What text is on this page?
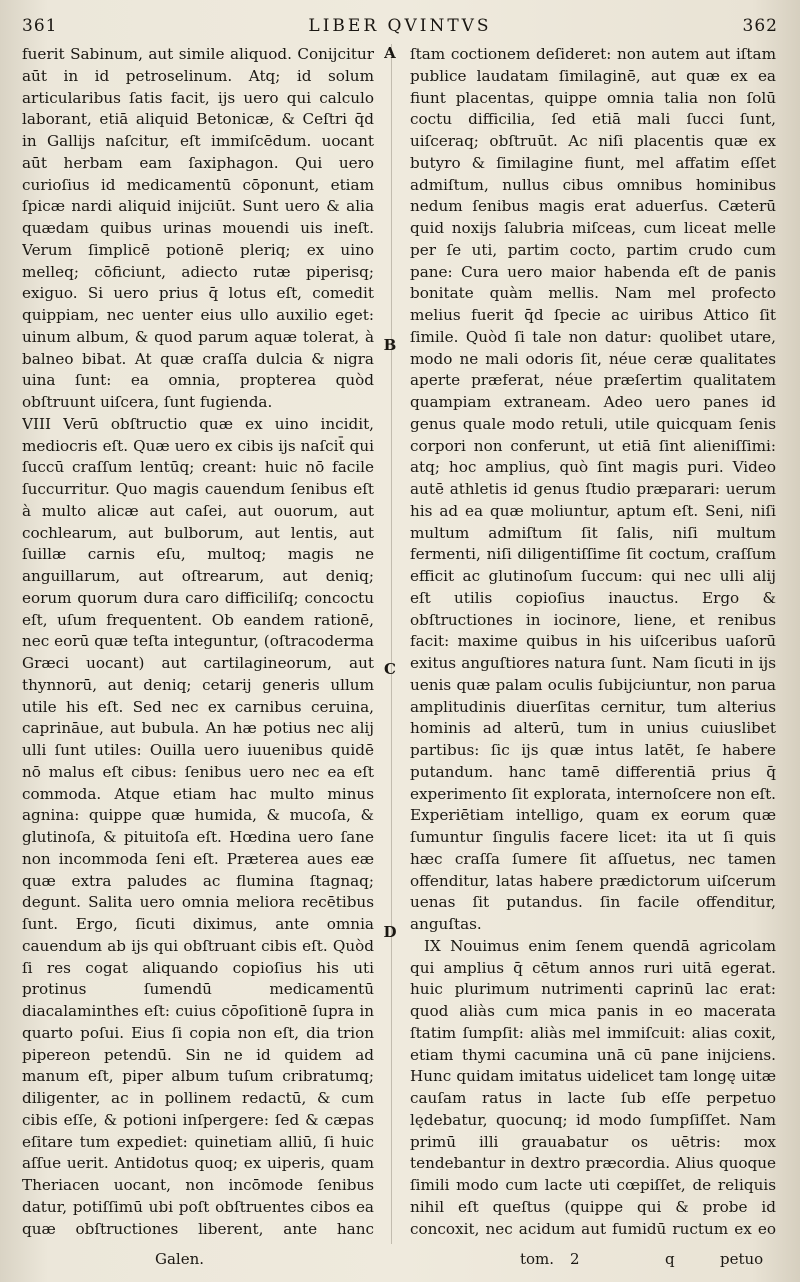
361	LIBER QVINTVS	362

fuerit Sabinum, aut simile aliquod. Conijcitur aūt in id petroselinum. Atq; id solum articularibus ſatis facit, ijs uero qui calculo laborant, etiā aliquid Betonicæ, & Ceſtri q̄d in Gallijs naſcitur, eſt immiſcēdum. uocant aūt herbam eam ſaxiphagon. Qui uero curioſius id medicamentū cōponunt, etiam ſpicæ nardi aliquid inijciūt. Sunt uero & alia quædam quibus urinas mouendi uis ineſt. Verum ſimplicē potionē pleriq; ex uino melleq; cōficiunt, adiecto rutæ piperisq; exiguo. Si uero prius q̄ lotus eſt, comedit quippiam, nec uenter eius ullo auxilio eget: uinum album, & quod parum aquæ tolerat, à balneo bibat. At quæ craſſa dulcia & nigra uina ſunt: ea omnia, propterea quòd obſtruunt uiſcera, ſunt fugienda.

VIII Verū obſtructio quæ ex uino incidit, mediocris eſt. Quæ uero ex cibis ijs naſcit̄ qui ſuccū craſſum lentūq; creant: huic nō facile ſuccurritur. Quo magis cauendum ſenibus eſt à multo alicæ aut caſei, aut ouorum, aut cochlearum, aut bulborum, aut lentis, aut ſuillæ carnis eſu, multoq; magis ne anguillarum, aut oſtrearum, aut deniq; eorum quorum dura caro difficiliſq; concoctu eſt, uſum frequentent. Ob eandem rationē, nec eorū quæ teſta integuntur, (oſtracoderma Græci uocant) aut cartilagineorum, aut thynnorū, aut deniq; cetarij generis ullum utile his eſt. Sed nec ex carnibus ceruina, caprināue, aut bubula. An hæ potius nec alij ulli ſunt utiles: Ouilla uero iuuenibus quidē nō malus eſt cibus: ſenibus uero nec ea eſt commoda. Atque etiam hac multo minus agnina: quippe quæ humida, & mucoſa, & glutinoſa, & pituitoſa eſt. Hœdina uero ſane non incommoda ſeni eſt. Præterea aues eæ quæ extra paludes ac flumina ſtagnaq; degunt. Salita uero omnia meliora recētibus ſunt. Ergo, ſicuti diximus, ante omnia cauendum ab ijs qui obſtruant cibis eſt. Quòd ſi res cogat aliquando copioſius his uti protinus ſumendū medicamentū diacalaminthes eſt: cuius cōpoſitionē ſupra in quarto poſui. Eius ſi copia non eſt, dia trion pipereon petendū. Sin ne id quidem ad manum eſt, piper album tuſum cribratumq; diligenter, ac in pollinem redactū, & cum cibis eſſe, & potioni inſpergere: ſed & cæpas eſitare tum expediet: quinetiam alliū, ſi huic aſſue uerit. Antidotus quoq; ex uiperis, quam Theriacen uocant, non incōmode ſenibus datur, potiſſimū ubi poſt obſtruentes cibos ea quæ obſtructiones liberent, ante hanc

A
B
C
D

ſtam coctionem deſideret: non autem aut iſtam publice laudatam ſimilaginē, aut quæ ex ea fiunt placentas, quippe omnia talia non ſolū coctu difficilia, ſed etiā mali ſucci ſunt, uiſceraq; obſtruūt. Ac niſi placentis quæ ex butyro & ſimilagine fiunt, mel affatim eſſet admiſtum, nullus cibus omnibus hominibus nedum ſenibus magis erat aduerſus. Cæterū quid noxijs ſalubria miſceas, cum liceat melle per ſe uti, partim cocto, partim crudo cum pane: Cura uero maior habenda eſt de panis bonitate quàm mellis. Nam mel profecto melius fuerit q̄d ſpecie ac uiribus Attico ſit ſimile. Quòd ſi tale non datur: quolibet utare, modo ne mali odoris ſit, néue ceræ qualitates aperte præferat, néue præſertim qualitatem quampiam extraneam. Adeo uero panes id genus quale modo retuli, utile quicquam ſenis corpori non conferunt, ut etiā ſint alieniſſimi: atq; hoc amplius, quò ſint magis puri. Video autē athletis id genus ſtudio præparari: uerum his ad ea quæ moliuntur, aptum eſt. Seni, niſi multum admiſtum ſit ſalis, niſi multum fermenti, niſi diligentiſſime ſit coctum, craſſum efficit ac glutinoſum ſuccum: qui nec ulli alij eſt utilis copioſius inauctus. Ergo & obſtructiones in iocinore, liene, et renibus facit: maxime quibus in his uiſceribus uaſorū exitus anguſtiores natura ſunt. Nam ſicuti in ijs uenis quæ palam oculis ſubijciuntur, non parua amplitudinis diuerſitas cernitur, tum alterius hominis ad alterū, tum in unius cuiuslibet partibus: ſic ijs quæ intus latēt, ſe habere putandum. hanc tamē differentiā prius q̄ experimento ſit explorata, internoſcere non eſt. Experiētiam intelligo, quam ex eorum quæ ſumuntur ſingulis facere licet: ita ut ſi quis hæc craſſa ſumere ſit aſſuetus, nec tamen offenditur, latas habere prædictorum uiſcerum uenas ſit putandus. ſin facile offenditur, anguſtas.

IX Nouimus enim ſenem quendā agricolam qui amplius q̄ cētum annos ruri uitā egerat. huic plurimum nutrimenti caprinū lac erat: quod aliàs cum mica panis in eo macerata ſtatim ſumpſit: aliàs mel immiſcuit: alias coxit, etiam thymi cacumina unā cū pane inijciens. Hunc quidam imitatus uidelicet tam longę uitæ cauſam ratus in lacte ſub eſſe perpetuo lędebatur, quocunq; id modo ſumpſiſſet. Nam primū illi grauabatur os uētris: mox tendebantur in dextro præcordia. Alius quoque ſimili modo cum lacte uti cœpiſſet, de reliquis nihil eſt queſtus (quippe qui & probe id concoxit, nec acidum aut fumidū ructum ex eo

Galen.	tom. 2	q	petuo
